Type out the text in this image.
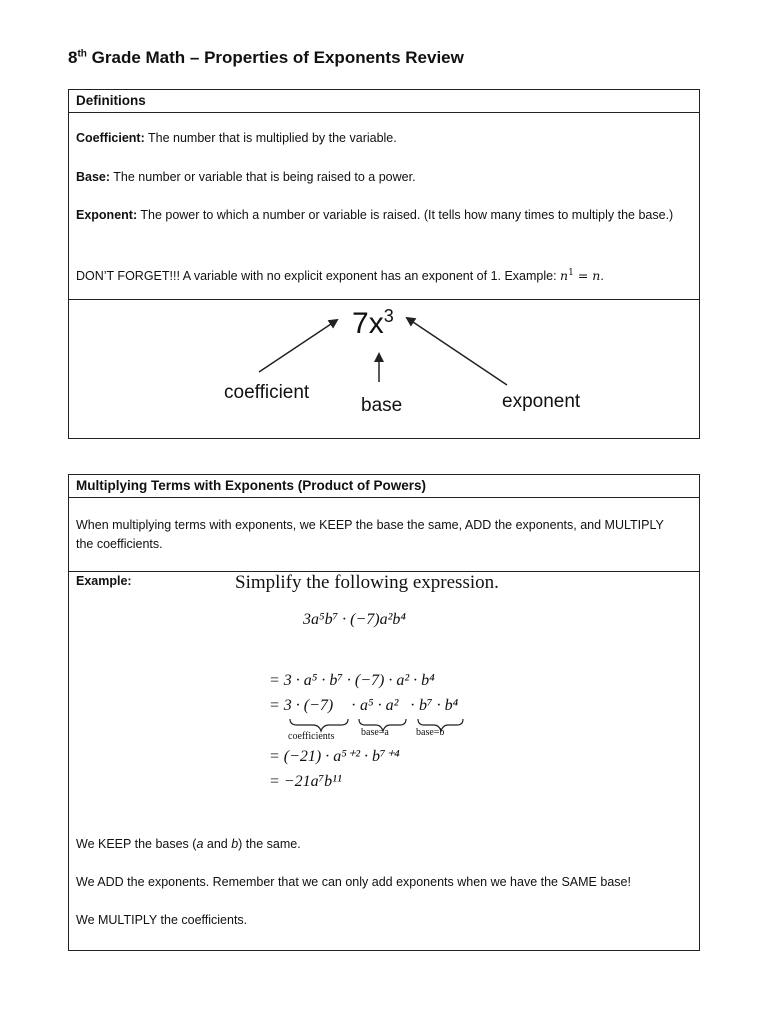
8th Grade Math – Properties of Exponents Review
Definitions

Coefficient: The number that is multiplied by the variable.

Base: The number or variable that is being raised to a power.

Exponent: The power to which a number or variable is raised. (It tells how many times to multiply the base.)

DON’T FORGET!!! A variable with no explicit exponent has an exponent of 1. Example: $n^1 = n$.

$7x^3$
coefficient
base	exponent
Multiplying Terms with Exponents (Product of Powers)

When multiplying terms with exponents, we KEEP the base the same, ADD the exponents, and MULTIPLY the coefficients.

Example:	Simplify the following expression.
3a⁵b⁷ · (−7)a²b⁴
= 3 · a⁵ · b⁷ · (−7) · a² · b⁴
= 3 · (−7) · a⁵ · a² · b⁷ · b⁴
coefficients	base=a	base=b
= (−21) · a⁵⁺² · b⁷⁺⁴
= −21a⁷b¹¹

We KEEP the bases (a and b) the same.

We ADD the exponents. Remember that we can only add exponents when we have the SAME base!

We MULTIPLY the coefficients.
